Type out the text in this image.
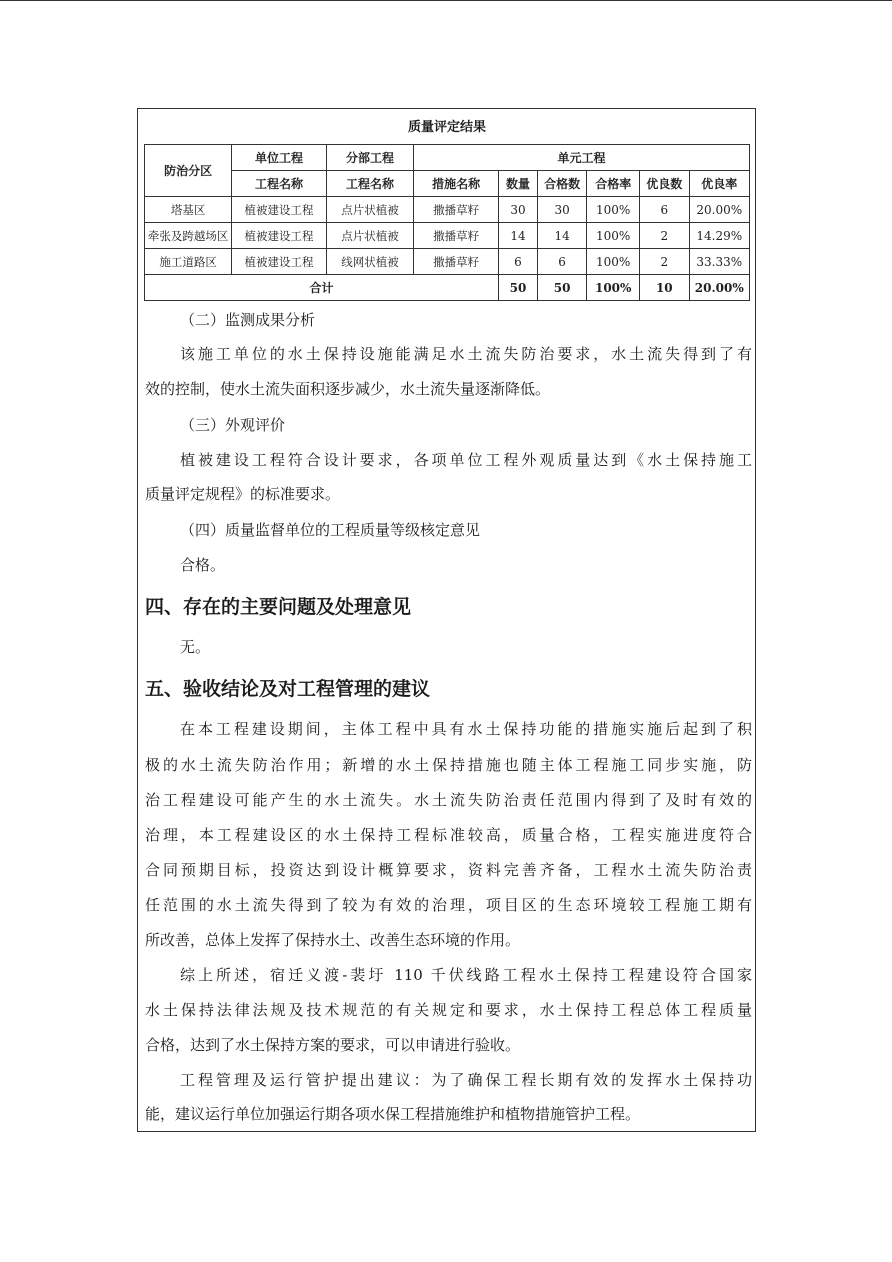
质量评定结果
防治分区	单位工程	分部工程	单元工程					
	工程名称	工程名称	措施名称	数量	合格数	合格率	优良数	优良率
塔基区	植被建设工程	点片状植被	撒播草籽	30	30	100%	6	20.00%
牵张及跨越场区	植被建设工程	点片状植被	撒播草籽	14	14	100%	2	14.29%
施工道路区	植被建设工程	线网状植被	撒播草籽	6	6	100%	2	33.33%
合计				50	50	100%	10	20.00%
（二）监测成果分析
该施工单位的水土保持设施能满足水土流失防治要求，水土流失得到了有
效的控制，使水土流失面积逐步减少，水土流失量逐渐降低。
（三）外观评价
植被建设工程符合设计要求，各项单位工程外观质量达到《水土保持施工
质量评定规程》的标准要求。
（四）质量监督单位的工程质量等级核定意见
合格。
四、存在的主要问题及处理意见
无。
五、验收结论及对工程管理的建议
在本工程建设期间，主体工程中具有水土保持功能的措施实施后起到了积
极的水土流失防治作用；新增的水土保持措施也随主体工程施工同步实施，防
治工程建设可能产生的水土流失。水土流失防治责任范围内得到了及时有效的
治理，本工程建设区的水土保持工程标准较高，质量合格，工程实施进度符合
合同预期目标，投资达到设计概算要求，资料完善齐备，工程水土流失防治责
任范围的水土流失得到了较为有效的治理，项目区的生态环境较工程施工期有
所改善，总体上发挥了保持水土、改善生态环境的作用。
综上所述，宿迁义渡-裴圩 110 千伏线路工程水土保持工程建设符合国家
水土保持法律法规及技术规范的有关规定和要求，水土保持工程总体工程质量
合格，达到了水土保持方案的要求，可以申请进行验收。
工程管理及运行管护提出建议：为了确保工程长期有效的发挥水土保持功
能，建议运行单位加强运行期各项水保工程措施维护和植物措施管护工程。
